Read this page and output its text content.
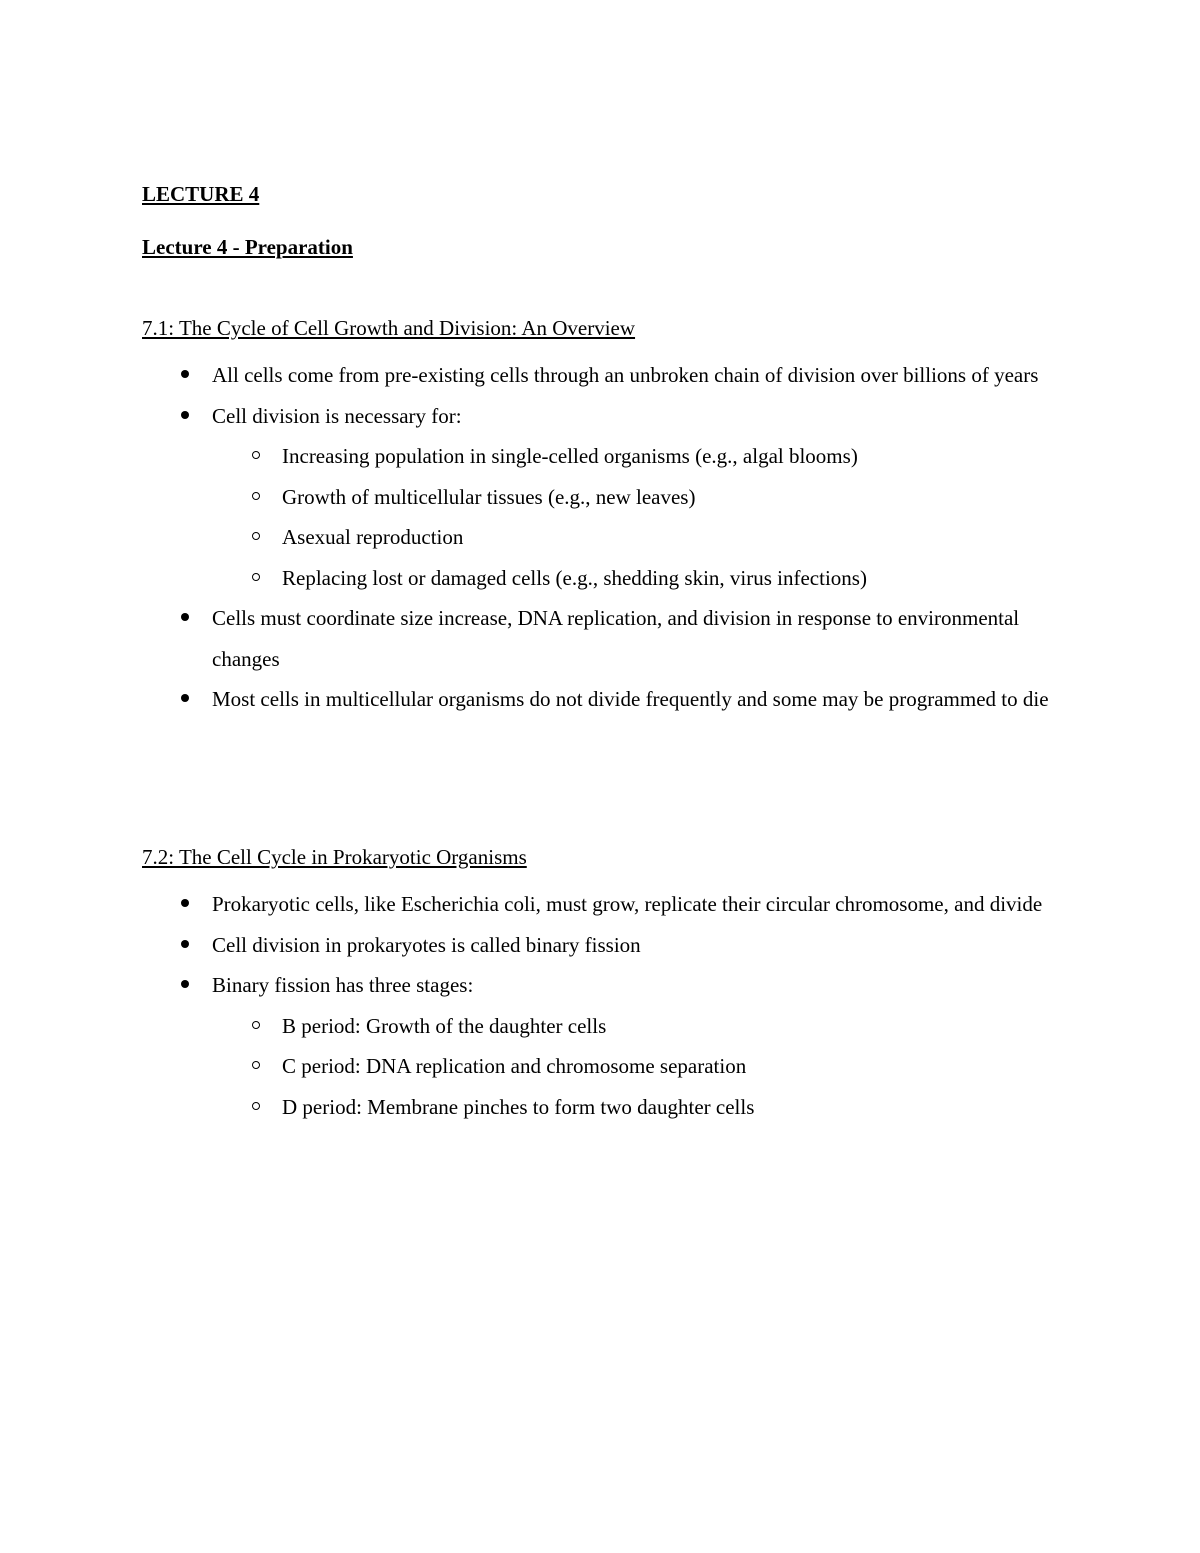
LECTURE 4
Lecture 4 - Preparation
7.1: The Cycle of Cell Growth and Division: An Overview
All cells come from pre-existing cells through an unbroken chain of division over billions of years
Cell division is necessary for:
Increasing population in single-celled organisms (e.g., algal blooms)
Growth of multicellular tissues (e.g., new leaves)
Asexual reproduction
Replacing lost or damaged cells (e.g., shedding skin, virus infections)
Cells must coordinate size increase, DNA replication, and division in response to environmental changes
Most cells in multicellular organisms do not divide frequently and some may be programmed to die
7.2: The Cell Cycle in Prokaryotic Organisms
Prokaryotic cells, like Escherichia coli, must grow, replicate their circular chromosome, and divide
Cell division in prokaryotes is called binary fission
Binary fission has three stages:
B period: Growth of the daughter cells
C period: DNA replication and chromosome separation
D period: Membrane pinches to form two daughter cells
